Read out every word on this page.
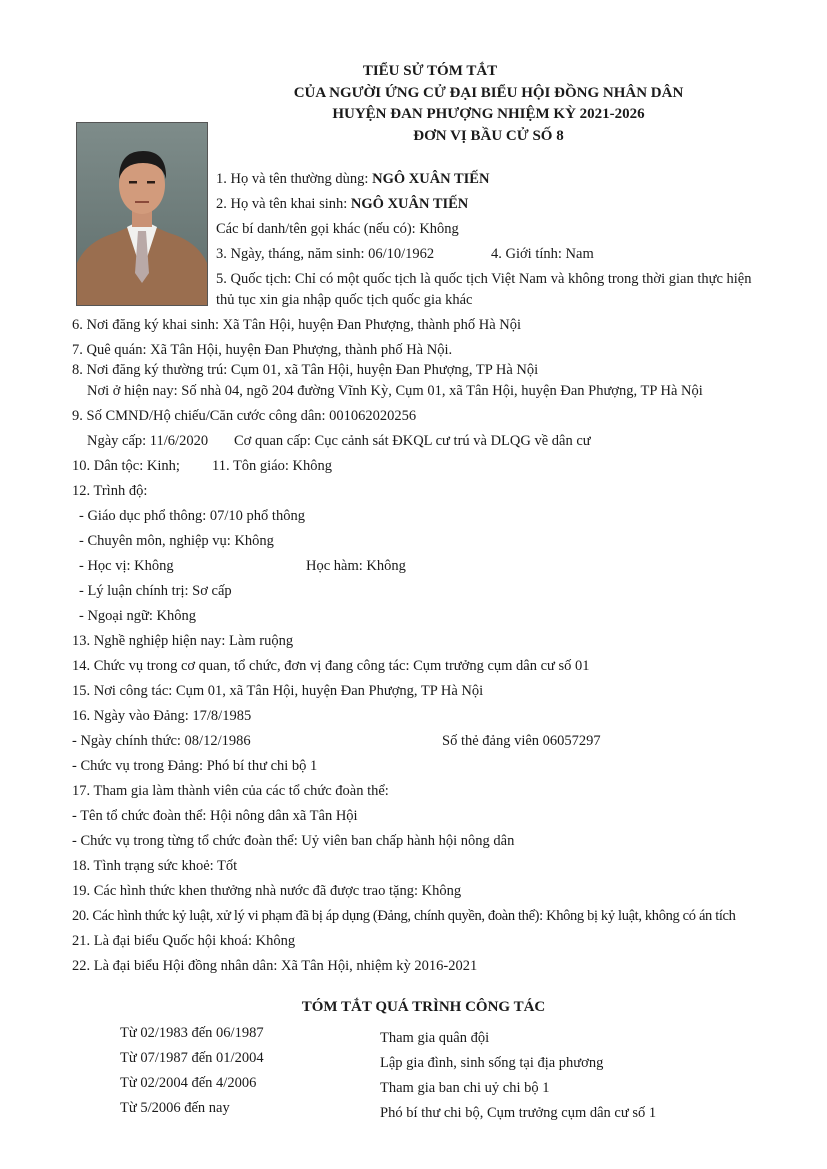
TIỂU SỬ TÓM TẮT
CỦA NGƯỜI ỨNG CỬ ĐẠI BIỂU HỘI ĐỒNG NHÂN DÂN
HUYỆN ĐAN PHƯỢNG NHIỆM KỲ 2021-2026
ĐƠN VỊ BẦU CỬ SỐ 8
1. Họ và tên thường dùng: NGÔ XUÂN TIẾN
2. Họ và tên khai sinh: NGÔ XUÂN TIẾN
Các bí danh/tên gọi khác (nếu có): Không
3. Ngày, tháng, năm sinh: 06/10/1962	4. Giới tính: Nam
5. Quốc tịch: Chỉ có một quốc tịch là quốc tịch Việt Nam và không trong thời gian thực hiện
thủ tục xin gia nhập quốc tịch quốc gia khác
6. Nơi đăng ký khai sinh: Xã Tân Hội, huyện Đan Phượng, thành phố Hà Nội
7. Quê quán: Xã Tân Hội, huyện Đan Phượng, thành phố Hà Nội.
8. Nơi đăng ký thường trú: Cụm 01, xã Tân Hội, huyện Đan Phượng, TP Hà Nội
Nơi ở hiện nay: Số nhà 04, ngõ 204 đường Vĩnh Kỳ, Cụm 01, xã Tân Hội, huyện Đan Phượng, TP Hà Nội
9. Số CMND/Hộ chiếu/Căn cước công dân: 001062020256
Ngày cấp: 11/6/2020 Cơ quan cấp: Cục cảnh sát ĐKQL cư trú và DLQG về dân cư
10. Dân tộc: Kinh; 11. Tôn giáo: Không
12. Trình độ:
- Giáo dục phổ thông: 07/10 phổ thông
- Chuyên môn, nghiệp vụ: Không
- Học vị: Không	Học hàm: Không
- Lý luận chính trị: Sơ cấp
- Ngoại ngữ: Không
13. Nghề nghiệp hiện nay: Làm ruộng
14. Chức vụ trong cơ quan, tổ chức, đơn vị đang công tác: Cụm trưởng cụm dân cư số 01
15. Nơi công tác: Cụm 01, xã Tân Hội, huyện Đan Phượng, TP Hà Nội
16. Ngày vào Đảng: 17/8/1985
- Ngày chính thức: 08/12/1986	Số thẻ đảng viên 06057297
- Chức vụ trong Đảng: Phó bí thư chi bộ 1
17. Tham gia làm thành viên của các tổ chức đoàn thể:
- Tên tổ chức đoàn thể: Hội nông dân xã Tân Hội
- Chức vụ trong từng tổ chức đoàn thể: Uỷ viên ban chấp hành hội nông dân
18. Tình trạng sức khoẻ: Tốt
19. Các hình thức khen thưởng nhà nước đã được trao tặng: Không
20. Các hình thức kỷ luật, xử lý vi phạm đã bị áp dụng (Đảng, chính quyền, đoàn thể): Không bị kỷ luật, không có án tích
21. Là đại biểu Quốc hội khoá: Không
22. Là đại biểu Hội đồng nhân dân: Xã Tân Hội, nhiệm kỳ 2016-2021
TÓM TẮT QUÁ TRÌNH CÔNG TÁC
Từ 02/1983 đến 06/1987	Tham gia quân đội
Từ 07/1987 đến 01/2004	Lập gia đình, sinh sống tại địa phương
Từ 02/2004 đến 4/2006	Tham gia ban chi uỷ chi bộ 1
Từ 5/2006 đến nay	Phó bí thư chi bộ, Cụm trưởng cụm dân cư số 1
